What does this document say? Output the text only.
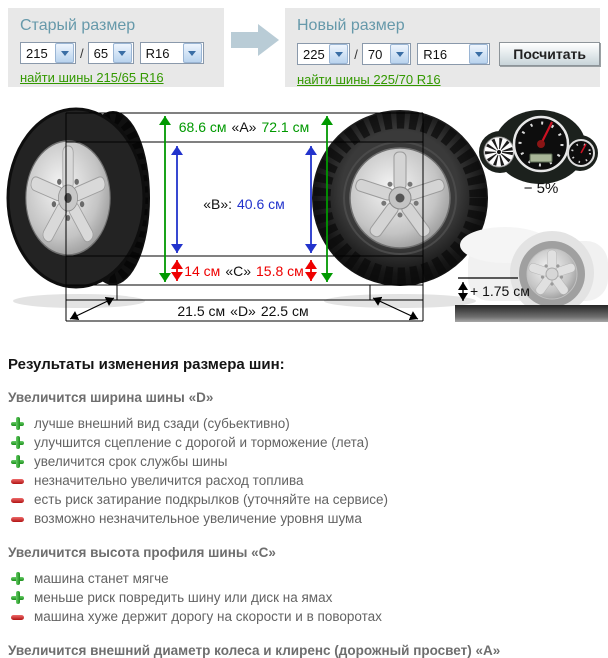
Старый размер
215	/ 65	R16
найти шины 215/65 R16
Новый размер
225	/ 70	R16	Посчитать
найти шины 225/70 R16
68.6 см «A» 72.1 см
«B»: 40.6 см
14 см «C» 15.8 см
21.5 см «D» 22.5 см
− 5%
+ 1.75 см
Результаты изменения размера шин:
Увеличится ширина шины «D»
лучше внешний вид сзади (субьективно)
улучшится сцепление с дорогой и торможение (лета)
увеличится срок службы шины
незначительно увеличится расход топлива
есть риск затирание подкрылков (уточняйте на сервисе)
возможно незначительное увеличение уровня шума
Увеличится высота профиля шины «C»
машина станет мягче
меньше риск повредить шину или диск на ямах
машина хуже держит дорогу на скорости и в поворотах
Увеличится внешний диаметр колеса и клиренс (дорожный просвет) «A»
